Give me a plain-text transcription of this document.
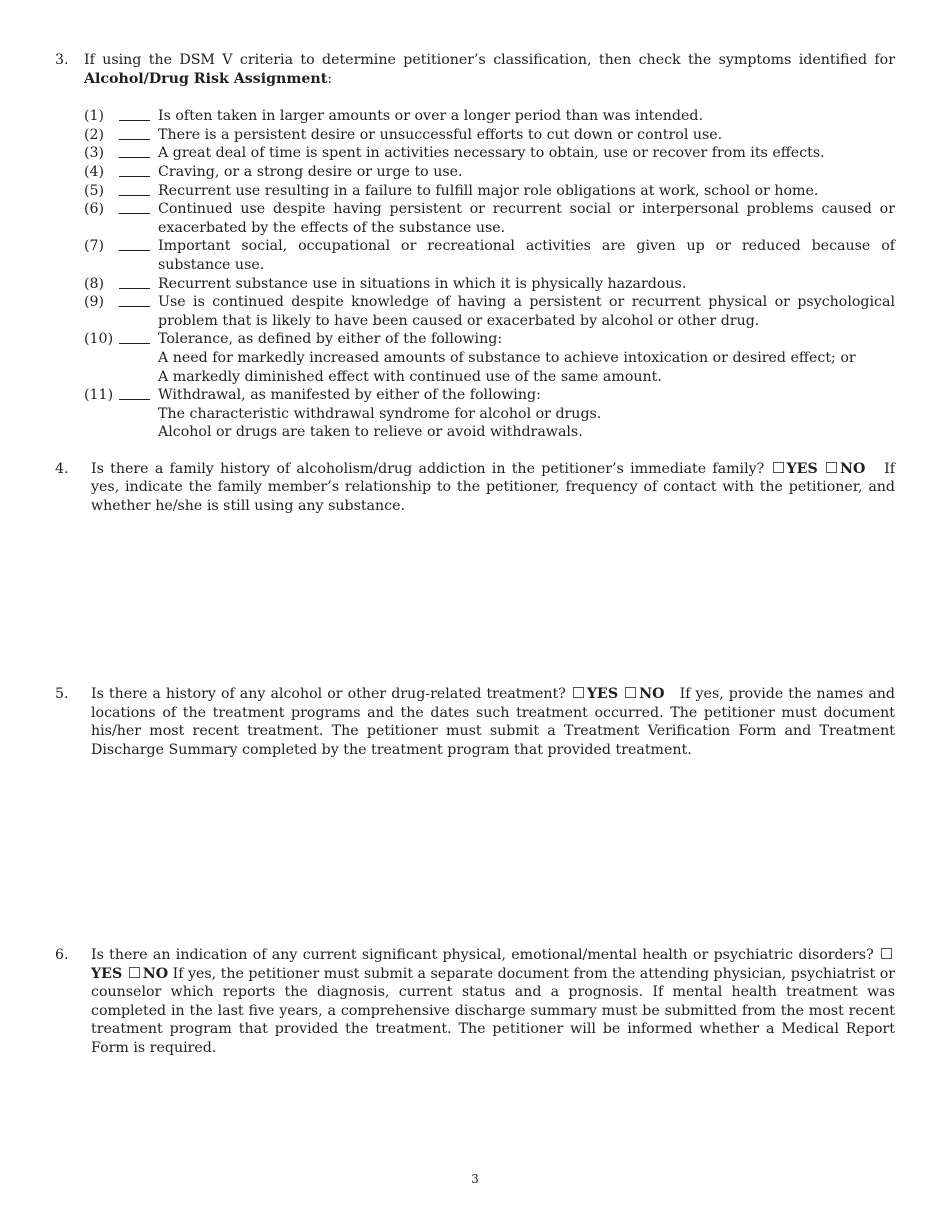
3. If using the DSM V criteria to determine petitioner’s classification, then check the symptoms identified for Alcohol/Drug Risk Assignment:
(1)	Is often taken in larger amounts or over a longer period than was intended.
(2)	There is a persistent desire or unsuccessful efforts to cut down or control use.
(3)	A great deal of time is spent in activities necessary to obtain, use or recover from its effects.
(4)	Craving, or a strong desire or urge to use.
(5)	Recurrent use resulting in a failure to fulfill major role obligations at work, school or home.
(6)	Continued use despite having persistent or recurrent social or interpersonal problems caused or exacerbated by the effects of the substance use.
(7)	Important social, occupational or recreational activities are given up or reduced because of substance use.
(8)	Recurrent substance use in situations in which it is physically hazardous.
(9)	Use is continued despite knowledge of having a persistent or recurrent physical or psychological problem that is likely to have been caused or exacerbated by alcohol or other drug.
(10)	Tolerance, as defined by either of the following:
A need for markedly increased amounts of substance to achieve intoxication or desired effect; or
A markedly diminished effect with continued use of the same amount.
(11)	Withdrawal, as manifested by either of the following:
The characteristic withdrawal syndrome for alcohol or drugs.
Alcohol or drugs are taken to relieve or avoid withdrawals.
4. Is there a family history of alcoholism/drug addiction in the petitioner’s immediate family? YES NO If yes, indicate the family member’s relationship to the petitioner, frequency of contact with the petitioner, and whether he/she is still using any substance.
5. Is there a history of any alcohol or other drug-related treatment? YES NO If yes, provide the names and locations of the treatment programs and the dates such treatment occurred. The petitioner must document his/her most recent treatment. The petitioner must submit a Treatment Verification Form and Treatment Discharge Summary completed by the treatment program that provided treatment.
6. Is there an indication of any current significant physical, emotional/mental health or psychiatric disorders? YES NO If yes, the petitioner must submit a separate document from the attending physician, psychiatrist or counselor which reports the diagnosis, current status and a prognosis. If mental health treatment was completed in the last five years, a comprehensive discharge summary must be submitted from the most recent treatment program that provided the treatment. The petitioner will be informed whether a Medical Report Form is required.
3
